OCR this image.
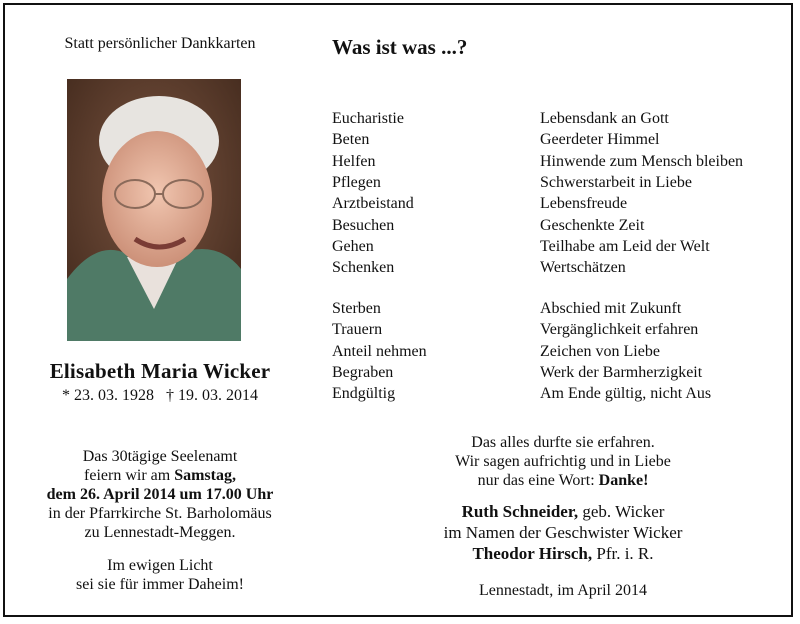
Statt persönlicher Dankkarten
Elisabeth Maria Wicker
* 23. 03. 1928 † 19. 03. 2014
Das 30tägige Seelenamt
feiern wir am Samstag,
dem 26. April 2014 um 17.00 Uhr
in der Pfarrkirche St. Barholomäus
zu Lennestadt-Meggen.
Im ewigen Licht
sei sie für immer Daheim!
Was ist was ...?
Eucharistie	Lebensdank an Gott
Beten	Geerdeter Himmel
Helfen	Hinwende zum Mensch bleiben
Pflegen	Schwerstarbeit in Liebe
Arztbeistand	Lebensfreude
Besuchen	Geschenkte Zeit
Gehen	Teilhabe am Leid der Welt
Schenken	Wertschätzen
Sterben	Abschied mit Zukunft
Trauern	Vergänglichkeit erfahren
Anteil nehmen	Zeichen von Liebe
Begraben	Werk der Barmherzigkeit
Endgültig	Am Ende gültig, nicht Aus
Das alles durfte sie erfahren.
Wir sagen aufrichtig und in Liebe
nur das eine Wort: Danke!
Ruth Schneider, geb. Wicker
im Namen der Geschwister Wicker
Theodor Hirsch, Pfr. i. R.
Lennestadt, im April 2014
